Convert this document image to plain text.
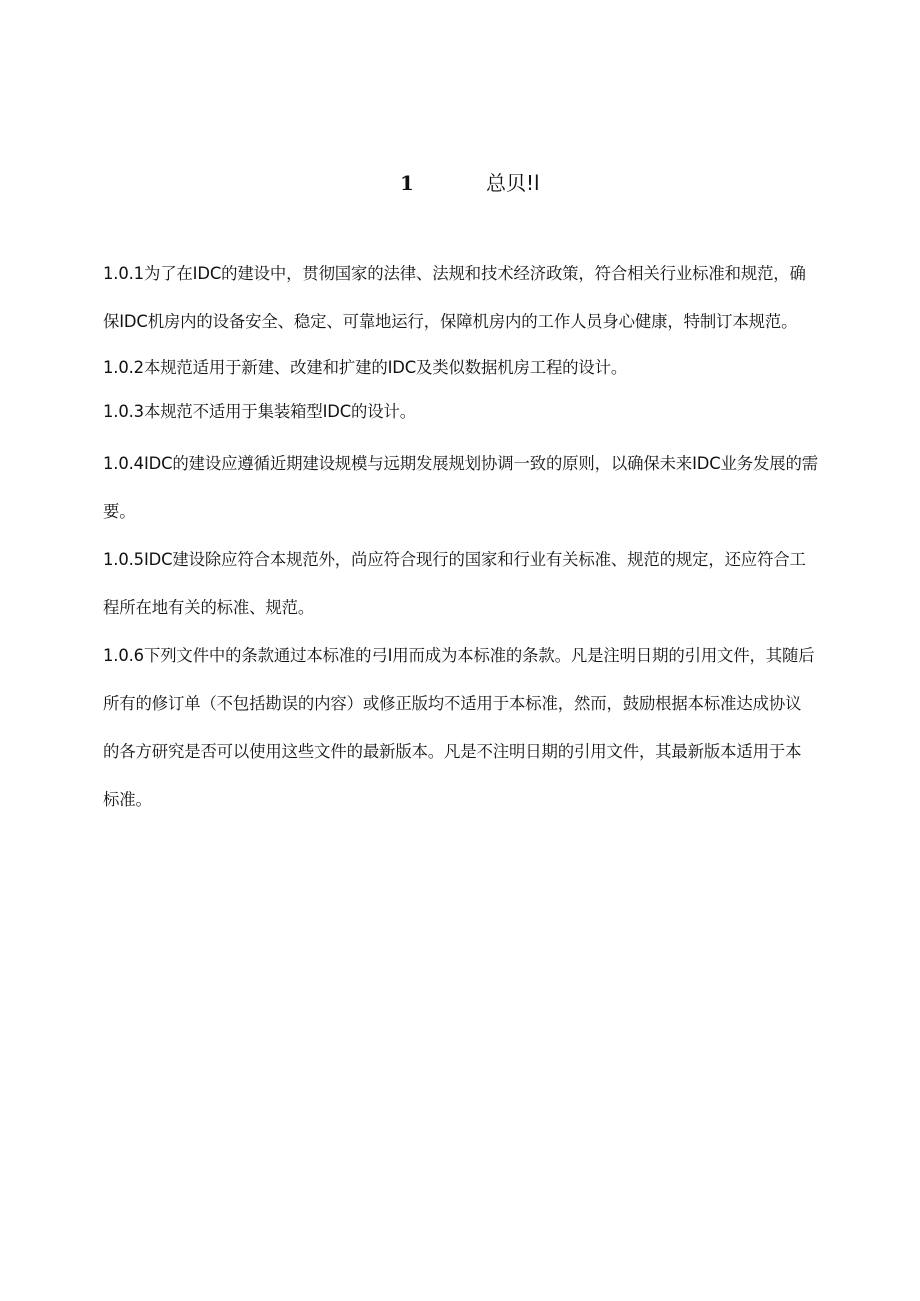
1	总贝!l

1.0.1为了在IDC的建设中，贯彻国家的法律、法规和技术经济政策，符合相关行业标准和规范，确
保IDC机房内的设备安全、稳定、可靠地运行，保障机房内的工作人员身心健康，特制订本规范。

1.0.2本规范适用于新建、改建和扩建的IDC及类似数据机房工程的设计。

1.0.3本规范不适用于集装箱型IDC的设计。

1.0.4IDC的建设应遵循近期建设规模与远期发展规划协调一致的原则，以确保未来IDC业务发展的需
要。

1.0.5IDC建设除应符合本规范外，尚应符合现行的国家和行业有关标准、规范的规定，还应符合工
程所在地有关的标准、规范。

1.0.6下列文件中的条款通过本标准的弓I用而成为本标准的条款。凡是注明日期的引用文件，其随后
所有的修订单（不包括勘误的内容）或修正版均不适用于本标准，然而，鼓励根据本标准达成协议
的各方研究是否可以使用这些文件的最新版本。凡是不注明日期的引用文件，其最新版本适用于本
标准。
